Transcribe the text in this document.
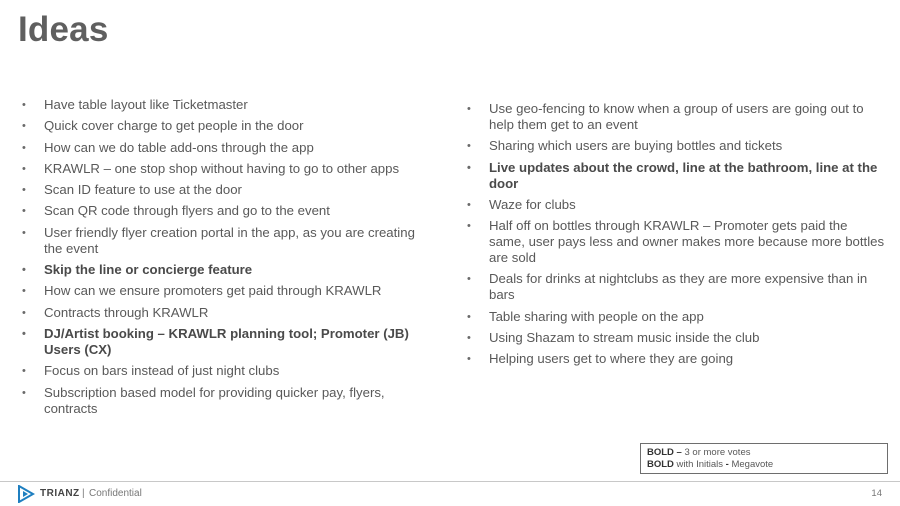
Ideas
• Have table layout like Ticketmaster
• Quick cover charge to get people in the door
• How can we do table add-ons through the app
• KRAWLR – one stop shop without having to go to other apps
• Scan ID feature to use at the door
• Scan QR code through flyers and go to the event
• User friendly flyer creation portal in the app, as you are creating the event
• Skip the line or concierge feature
• How can we ensure promoters get paid through KRAWLR
• Contracts through KRAWLR
• DJ/Artist booking – KRAWLR planning tool; Promoter (JB) Users (CX)
• Focus on bars instead of just night clubs
• Subscription based model for providing quicker pay, flyers, contracts
• Use geo-fencing to know when a group of users are going out to help them get to an event
• Sharing which users are buying bottles and tickets
• Live updates about the crowd, line at the bathroom, line at the door
• Waze for clubs
• Half off on bottles through KRAWLR – Promoter gets paid the same, user pays less and owner makes more because more bottles are sold
• Deals for drinks at nightclubs as they are more expensive than in bars
• Table sharing with people on the app
• Using Shazam to stream music inside the club
• Helping users get to where they are going
BOLD – 3 or more votes
BOLD with Initials - Megavote
TRIANZ | Confidential	14
